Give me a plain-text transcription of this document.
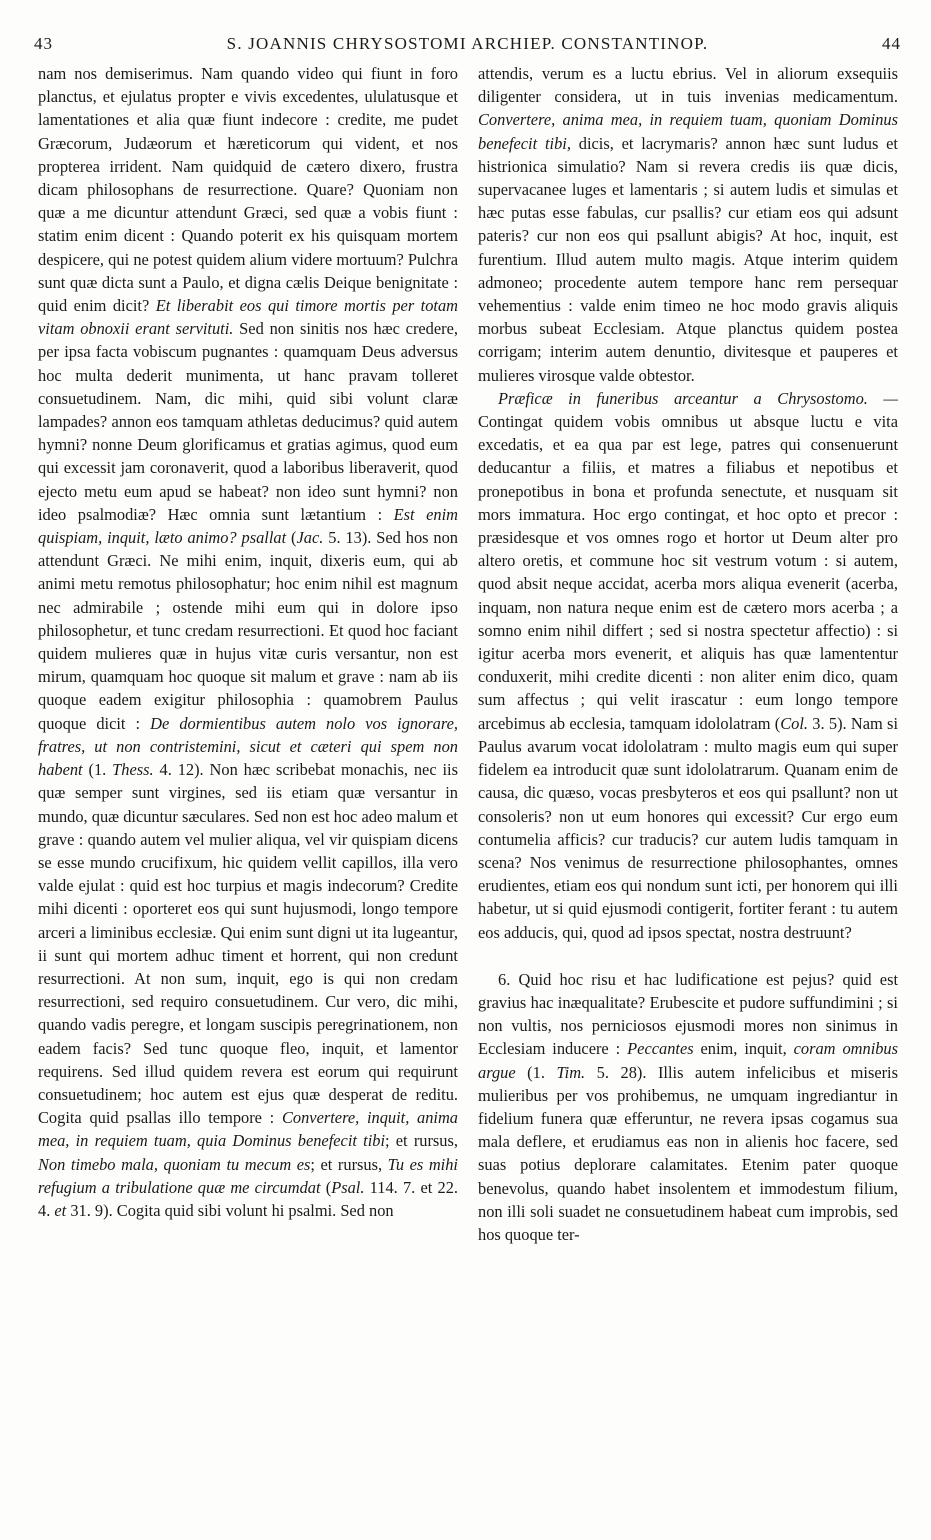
43	S. JOANNIS CHRYSOSTOMI ARCHIEP. CONSTANTINOP.	44

nam nos demiserimus. Nam quando video qui fiunt in foro planctus, et ejulatus propter e vivis excedentes, ululatusque et lamentationes et alia quæ fiunt indecore : credite, me pudet Græcorum, Judæorum et hæreticorum qui vident, et nos propterea irrident. Nam quidquid de cætero dixero, frustra dicam philosophans de resurrectione. Quare? Quoniam non quæ a me dicuntur attendunt Græci, sed quæ a vobis fiunt : statim enim dicent : Quando poterit ex his quisquam mortem despicere, qui ne potest quidem alium videre mortuum? Pulchra sunt quæ dicta sunt a Paulo, et digna cælis Deique benignitate : quid enim dicit? Et liberabit eos qui timore mortis per totam vitam obnoxii erant servituti. Sed non sinitis nos hæc credere, per ipsa facta vobiscum pugnantes : quamquam Deus adversus hoc multa dederit munimenta, ut hanc pravam tolleret consuetudinem. Nam, dic mihi, quid sibi volunt claræ lampades? annon eos tamquam athletas deducimus? quid autem hymni? nonne Deum glorificamus et gratias agimus, quod eum qui excessit jam coronaverit, quod a laboribus liberaverit, quod ejecto metu eum apud se habeat? non ideo sunt hymni? non ideo psalmodiæ? Hæc omnia sunt lætantium : Est enim quispiam, inquit, læto animo? psallat (Jac. 5. 13). Sed hos non attendunt Græci. Ne mihi enim, inquit, dixeris eum, qui ab animi metu remotus philosophatur; hoc enim nihil est magnum nec admirabile ; ostende mihi eum qui in dolore ipso philosophetur, et tunc credam resurrectioni. Et quod hoc faciant quidem mulieres quæ in hujus vitæ curis versantur, non est mirum, quamquam hoc quoque sit malum et grave : nam ab iis quoque eadem exigitur philosophia : quamobrem Paulus quoque dicit : De dormientibus autem nolo vos ignorare, fratres, ut non contristemini, sicut et cæteri qui spem non habent (1. Thess. 4. 12). Non hæc scribebat monachis, nec iis quæ semper sunt virgines, sed iis etiam quæ versantur in mundo, quæ dicuntur sæculares. Sed non est hoc adeo malum et grave : quando autem vel mulier aliqua, vel vir quispiam dicens se esse mundo crucifixum, hic quidem vellit capillos, illa vero valde ejulat : quid est hoc turpius et magis indecorum? Credite mihi dicenti : oporteret eos qui sunt hujusmodi, longo tempore arceri a liminibus ecclesiæ. Qui enim sunt digni ut ita lugeantur, ii sunt qui mortem adhuc timent et horrent, qui non credunt resurrectioni. At non sum, inquit, ego is qui non credam resurrectioni, sed requiro consuetudinem. Cur vero, dic mihi, quando vadis peregre, et longam suscipis peregrinationem, non eadem facis? Sed tunc quoque fleo, inquit, et lamentor requirens. Sed illud quidem revera est eorum qui requirunt consuetudinem; hoc autem est ejus quæ desperat de reditu. Cogita quid psallas illo tempore : Convertere, inquit, anima mea, in requiem tuam, quia Dominus benefecit tibi; et rursus, Non timebo mala, quoniam tu mecum es; et rursus, Tu es mihi refugium a tribulatione quæ me circumdat (Psal. 114. 7. et 22. 4. et 31. 9). Cogita quid sibi volunt hi psalmi. Sed non

attendis, verum es a luctu ebrius. Vel in aliorum exsequiis diligenter considera, ut in tuis invenias medicamentum. Convertere, anima mea, in requiem tuam, quoniam Dominus benefecit tibi, dicis, et lacrymaris? annon hæc sunt ludus et histrionica simulatio? Nam si revera credis iis quæ dicis, supervacanee luges et lamentaris ; si autem ludis et simulas et hæc putas esse fabulas, cur psallis? cur etiam eos qui adsunt pateris? cur non eos qui psallunt abigis? At hoc, inquit, est furentium. Illud autem multo magis. Atque interim quidem admoneo; procedente autem tempore hanc rem persequar vehementius : valde enim timeo ne hoc modo gravis aliquis morbus subeat Ecclesiam. Atque planctus quidem postea corrigam; interim autem denuntio, divitesque et pauperes et mulieres virosque valde obtestor.

Præficæ in funeribus arceantur a Chrysostomo. — Contingat quidem vobis omnibus ut absque luctu e vita excedatis, et ea qua par est lege, patres qui consenuerunt deducantur a filiis, et matres a filiabus et nepotibus et pronepotibus in bona et profunda senectute, et nusquam sit mors immatura. Hoc ergo contingat, et hoc opto et precor : præsidesque et vos omnes rogo et hortor ut Deum alter pro altero oretis, et commune hoc sit vestrum votum : si autem, quod absit neque accidat, acerba mors aliqua evenerit (acerba, inquam, non natura neque enim est de cætero mors acerba ; a somno enim nihil differt ; sed si nostra spectetur affectio) : si igitur acerba mors evenerit, et aliquis has quæ lamententur conduxerit, mihi credite dicenti : non aliter enim dico, quam sum affectus ; qui velit irascatur : eum longo tempore arcebimus ab ecclesia, tamquam idololatram (Col. 3. 5). Nam si Paulus avarum vocat idololatram : multo magis eum qui super fidelem ea introducit quæ sunt idololatrarum. Quanam enim de causa, dic quæso, vocas presbyteros et eos qui psallunt? non ut consoleris? non ut eum honores qui excessit? Cur ergo eum contumelia afficis? cur traducis? cur autem ludis tamquam in scena? Nos venimus de resurrectione philosophantes, omnes erudientes, etiam eos qui nondum sunt icti, per honorem qui illi habetur, ut si quid ejusmodi contigerit, fortiter ferant : tu autem eos adducis, qui, quod ad ipsos spectat, nostra destruunt?

6. Quid hoc risu et hac ludificatione est pejus? quid est gravius hac inæqualitate? Erubescite et pudore suffundimini ; si non vultis, nos perniciosos ejusmodi mores non sinimus in Ecclesiam inducere : Peccantes enim, inquit, coram omnibus argue (1. Tim. 5. 28). Illis autem infelicibus et miseris mulieribus per vos prohibemus, ne umquam ingrediantur in fidelium funera quæ efferuntur, ne revera ipsas cogamus sua mala deflere, et erudiamus eas non in alienis hoc facere, sed suas potius deplorare calamitates. Etenim pater quoque benevolus, quando habet insolentem et immodestum filium, non illi soli suadet ne consuetudinem habeat cum improbis, sed hos quoque ter-
